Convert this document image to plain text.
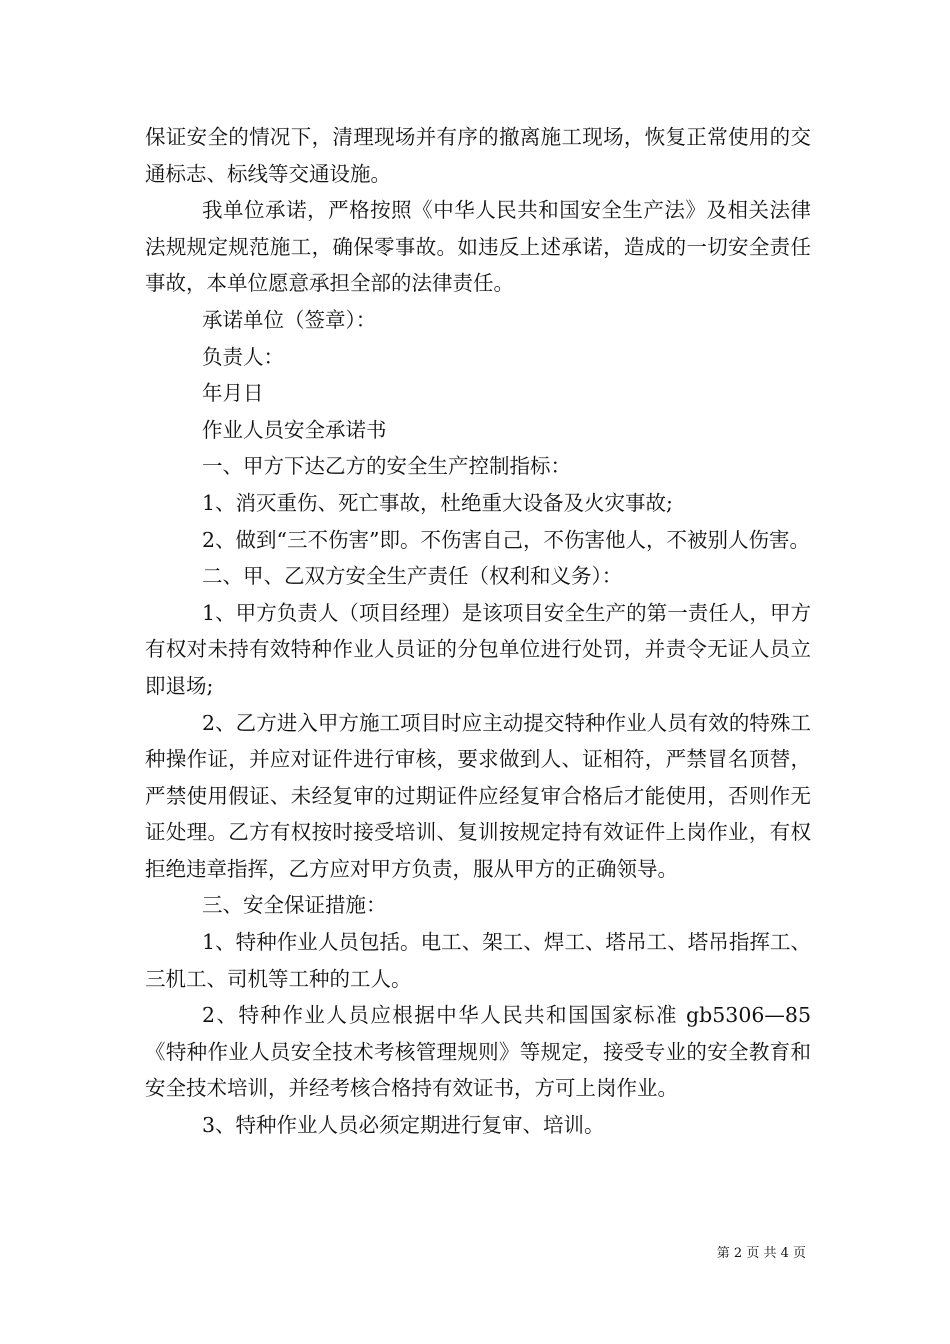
保证安全的情况下，清理现场并有序的撤离施工现场，恢复正常使用的交通标志、标线等交通设施。

我单位承诺，严格按照《中华人民共和国安全生产法》及相关法律法规规定规范施工，确保零事故。如违反上述承诺，造成的一切安全责任事故，本单位愿意承担全部的法律责任。

承诺单位（签章）：

负责人：

年月日

作业人员安全承诺书

一、甲方下达乙方的安全生产控制指标：

1、消灭重伤、死亡事故，杜绝重大设备及火灾事故;

2、做到“三不伤害”即。不伤害自己，不伤害他人，不被别人伤害。

二、甲、乙双方安全生产责任（权利和义务）：

1、甲方负责人（项目经理）是该项目安全生产的第一责任人，甲方有权对未持有效特种作业人员证的分包单位进行处罚，并责令无证人员立即退场;

2、乙方进入甲方施工项目时应主动提交特种作业人员有效的特殊工种操作证，并应对证件进行审核，要求做到人、证相符，严禁冒名顶替，严禁使用假证、未经复审的过期证件应经复审合格后才能使用，否则作无证处理。乙方有权按时接受培训、复训按规定持有效证件上岗作业，有权拒绝违章指挥，乙方应对甲方负责，服从甲方的正确领导。

三、安全保证措施：

1、特种作业人员包括。电工、架工、焊工、塔吊工、塔吊指挥工、三机工、司机等工种的工人。

2、特种作业人员应根据中华人民共和国国家标准 gb5306—85《特种作业人员安全技术考核管理规则》等规定，接受专业的安全教育和安全技术培训，并经考核合格持有效证书，方可上岗作业。

3、特种作业人员必须定期进行复审、培训。

第 2 页 共 4 页
